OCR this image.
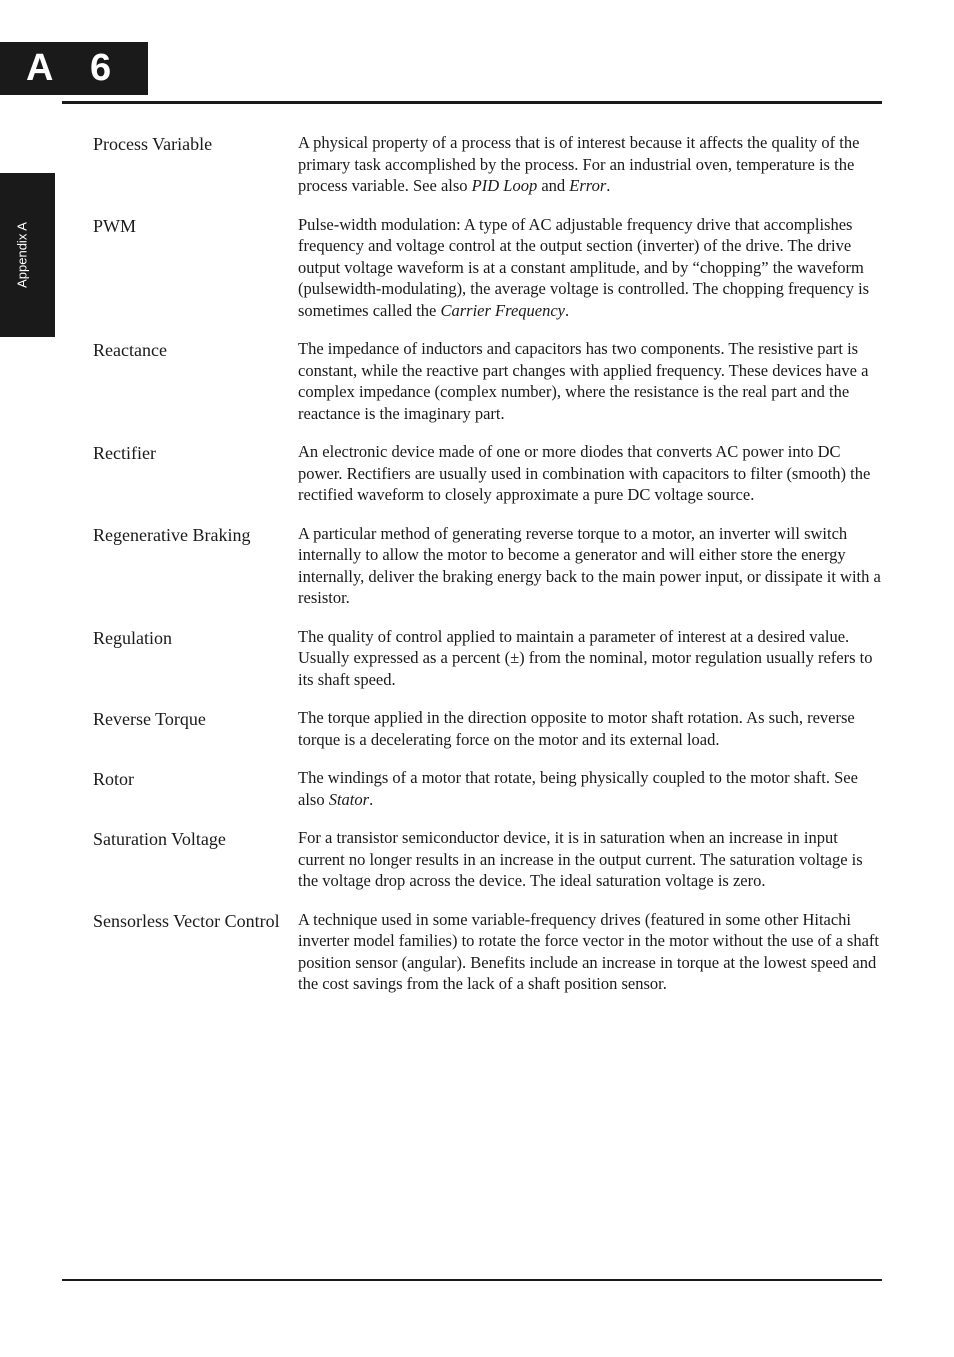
A 6
Appendix A
Process Variable	A physical property of a process that is of interest because it affects the quality of the primary task accomplished by the process. For an industrial oven, temperature is the process variable. See also PID Loop and Error.
PWM	Pulse-width modulation: A type of AC adjustable frequency drive that accomplishes frequency and voltage control at the output section (inverter) of the drive. The drive output voltage waveform is at a constant amplitude, and by “chopping” the waveform (pulsewidth-modulating), the average voltage is controlled. The chopping frequency is sometimes called the Carrier Frequency.
Reactance	The impedance of inductors and capacitors has two components. The resistive part is constant, while the reactive part changes with applied frequency. These devices have a complex impedance (complex number), where the resistance is the real part and the reactance is the imaginary part.
Rectifier	An electronic device made of one or more diodes that converts AC power into DC power. Rectifiers are usually used in combination with capacitors to filter (smooth) the rectified waveform to closely approximate a pure DC voltage source.
Regenerative Braking	A particular method of generating reverse torque to a motor, an inverter will switch internally to allow the motor to become a generator and will either store the energy internally, deliver the braking energy back to the main power input, or dissipate it with a resistor.
Regulation	The quality of control applied to maintain a parameter of interest at a desired value. Usually expressed as a percent (±) from the nominal, motor regulation usually refers to its shaft speed.
Reverse Torque	The torque applied in the direction opposite to motor shaft rotation. As such, reverse torque is a decelerating force on the motor and its external load.
Rotor	The windings of a motor that rotate, being physically coupled to the motor shaft. See also Stator.
Saturation Voltage	For a transistor semiconductor device, it is in saturation when an increase in input current no longer results in an increase in the output current. The saturation voltage is the voltage drop across the device. The ideal saturation voltage is zero.
Sensorless Vector Control	A technique used in some variable-frequency drives (featured in some other Hitachi inverter model families) to rotate the force vector in the motor without the use of a shaft position sensor (angular). Benefits include an increase in torque at the lowest speed and the cost savings from the lack of a shaft position sensor.
